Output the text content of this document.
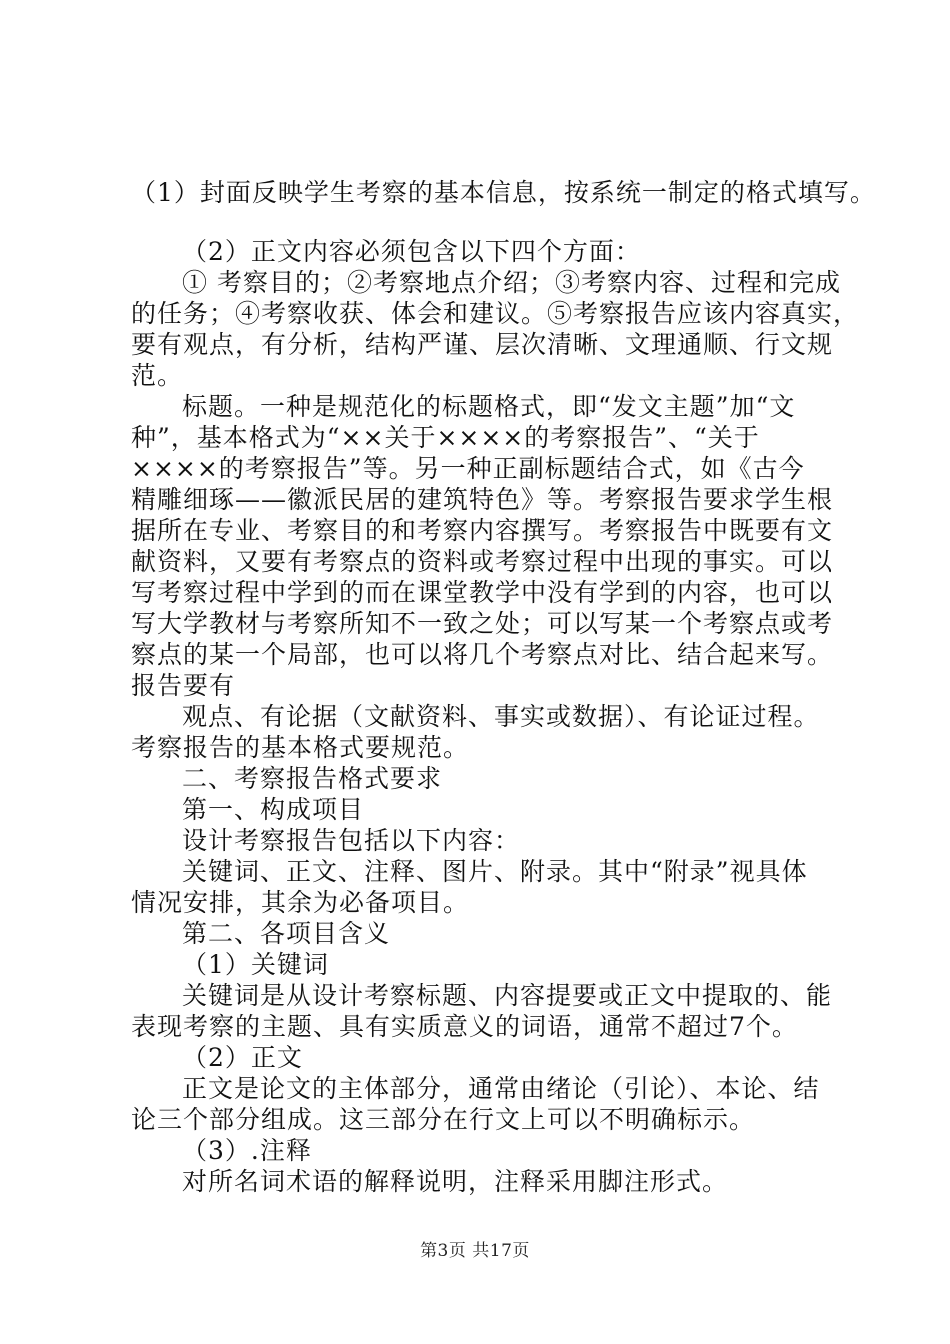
（1）封面反映学生考察的基本信息，按系统一制定的格式填写。
（2）正文内容必须包含以下四个方面：
① 考察目的；②考察地点介绍；③考察内容、过程和完成
的任务；④考察收获、体会和建议。⑤考察报告应该内容真实，
要有观点，有分析，结构严谨、层次清晰、文理通顺、行文规
范。
标题。一种是规范化的标题格式，即“发文主题”加“文
种”，基本格式为“××关于××××的考察报告”、“关于
××××的考察报告”等。另一种正副标题结合式，如《古今
精雕细琢——徽派民居的建筑特色》等。考察报告要求学生根
据所在专业、考察目的和考察内容撰写。考察报告中既要有文
献资料，又要有考察点的资料或考察过程中出现的事实。可以
写考察过程中学到的而在课堂教学中没有学到的内容，也可以
写大学教材与考察所知不一致之处；可以写某一个考察点或考
察点的某一个局部，也可以将几个考察点对比、结合起来写。
报告要有
观点、有论据（文献资料、事实或数据）、有论证过程。
考察报告的基本格式要规范。
二、考察报告格式要求
第一、构成项目
设计考察报告包括以下内容：
关键词、正文、注释、图片、附录。其中“附录”视具体
情况安排，其余为必备项目。
第二、各项目含义
（1）关键词
关键词是从设计考察标题、内容提要或正文中提取的、能
表现考察的主题、具有实质意义的词语，通常不超过7个。
（2）正文
正文是论文的主体部分，通常由绪论（引论）、本论、结
论三个部分组成。这三部分在行文上可以不明确标示。
（3）.注释
对所名词术语的解释说明，注释采用脚注形式。
第3页 共17页
